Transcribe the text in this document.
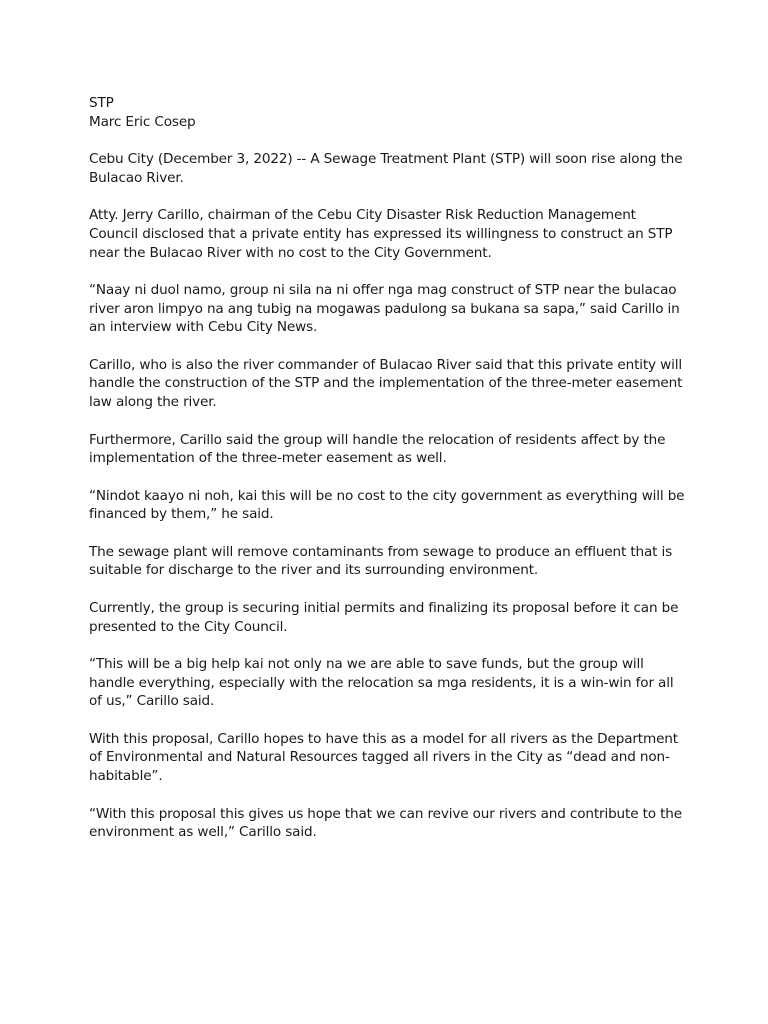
STP
Marc Eric Cosep

Cebu City (December 3, 2022) -- A Sewage Treatment Plant (STP) will soon rise along the Bulacao River.

Atty. Jerry Carillo, chairman of the Cebu City Disaster Risk Reduction Management Council disclosed that a private entity has expressed its willingness to construct an STP near the Bulacao River with no cost to the City Government.

“Naay ni duol namo, group ni sila na ni offer nga mag construct of STP near the bulacao river aron limpyo na ang tubig na mogawas padulong sa bukana sa sapa,” said Carillo in an interview with Cebu City News.

Carillo, who is also the river commander of Bulacao River said that this private entity will handle the construction of the STP and the implementation of the three-meter easement law along the river.

Furthermore, Carillo said the group will handle the relocation of residents affect by the implementation of the three-meter easement as well.

“Nindot kaayo ni noh, kai this will be no cost to the city government as everything will be financed by them,” he said.

The sewage plant will remove contaminants from sewage to produce an effluent that is suitable for discharge to the river and its surrounding environment.

Currently, the group is securing initial permits and finalizing its proposal before it can be presented to the City Council.

“This will be a big help kai not only na we are able to save funds, but the group will handle everything, especially with the relocation sa mga residents, it is a win-win for all of us,” Carillo said.

With this proposal, Carillo hopes to have this as a model for all rivers as the Department of Environmental and Natural Resources tagged all rivers in the City as “dead and non-habitable”.

“With this proposal this gives us hope that we can revive our rivers and contribute to the environment as well,” Carillo said.
